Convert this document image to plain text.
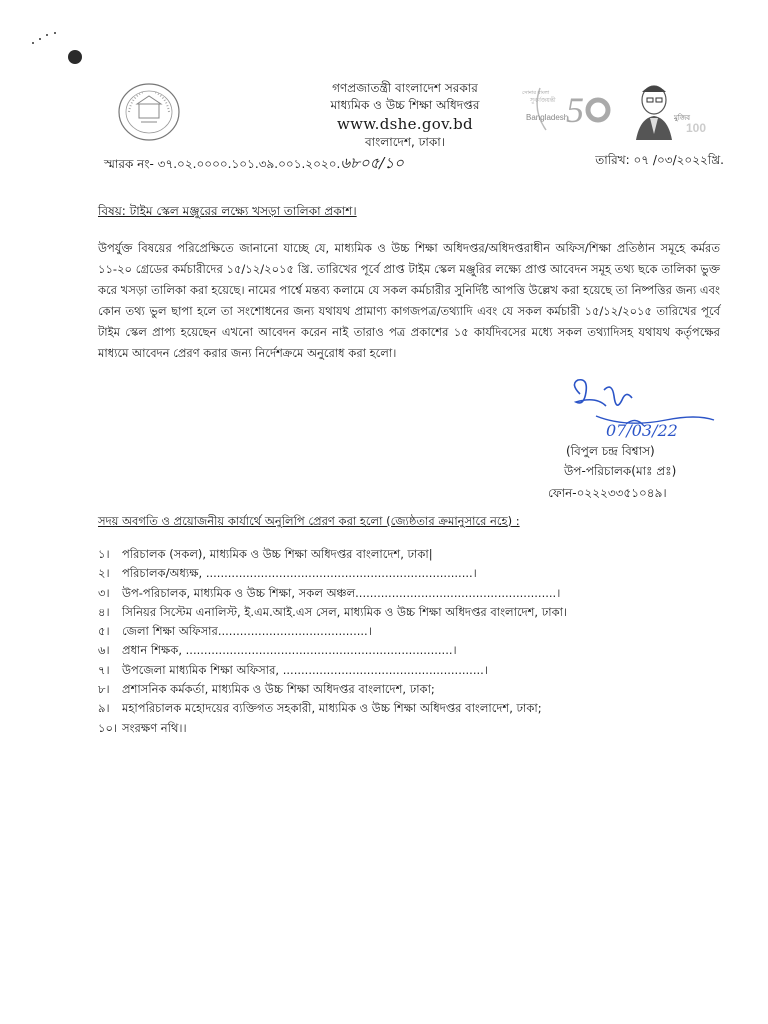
গণপ্রজাতন্ত্রী বাংলাদেশ সরকার
মাধ্যমিক ও উচ্চ শিক্ষা অধিদপ্তর
www.dshe.gov.bd
বাংলাদেশ, ঢাকা।
সোনার বাংলা
সুবর্ণজয়ন্তী
Bangladesh
5	মুজিব
100
স্মারক নং- ৩৭.০২.০০০০.১০১.৩৯.০০১.২০২০.৬৮০৫/১০	তারিখ: ০৭ /০৩/২০২২খ্রি.
বিষয়: টাইম স্কেল মঞ্জুরের লক্ষ্যে খসড়া তালিকা প্রকাশ।
উপর্যুক্ত বিষয়ের পরিপ্রেক্ষিতে জানানো যাচ্ছে যে, মাধ্যমিক ও উচ্চ শিক্ষা অধিদপ্তর/অধিদপ্তরাধীন অফিস/শিক্ষা প্রতিষ্ঠান সমূহে কর্মরত ১১-২০ গ্রেডের কর্মচারীদের ১৫/১২/২০১৫ খ্রি. তারিখের পূর্বে প্রাপ্ত টাইম স্কেল মঞ্জুরির লক্ষ্যে প্রাপ্ত আবেদন সমূহ তথ্য ছকে তালিকা ভুক্ত করে খসড়া তালিকা করা হয়েছে। নামের পার্শ্বে মন্তব্য কলামে যে সকল কর্মচারীর সুনির্দিষ্ট আপত্তি উল্লেখ করা হয়েছে তা নিষ্পত্তির জন্য এবং কোন তথ্য ভুল ছাপা হলে তা সংশোধনের জন্য যথাযথ প্রামাণ্য কাগজপত্র/তথ্যাদি এবং যে সকল কর্মচারী ১৫/১২/২০১৫ তারিখের পূর্বে টাইম স্কেল প্রাপ্য হয়েছেন এখনো আবেদন করেন নাই তারাও পত্র প্রকাশের ১৫ কার্যদিবসের মধ্যে সকল তথ্যাদিসহ যথাযথ কর্তৃপক্ষের মাধ্যমে আবেদন প্রেরণ করার জন্য নির্দেশক্রমে অনুরোধ করা হলো।
07/03/22
(বিপুল চন্দ্র বিশ্বাস)
উপ-পরিচালক(মাঃ প্রঃ)
ফোন-০২২২৩৩৫১০৪৯।
সদয় অবগতি ও প্রয়োজনীয় কার্যার্থে অনুলিপি প্রেরণ করা হলো (জ্যেষ্ঠতার ক্রমানুসারে নহে) :
১।	পরিচালক (সকল), মাধ্যমিক ও উচ্চ শিক্ষা অধিদপ্তর বাংলাদেশ, ঢাকা|
২।	পরিচালক/অধ্যক্ষ, .........................................................................।
৩।	উপ-পরিচালক, মাধ্যমিক ও উচ্চ শিক্ষা, সকল অঞ্চল.......................................................।
৪।	সিনিয়র সিস্টেম এনালিস্ট, ই.এম.আই.এস সেল, মাধ্যমিক ও উচ্চ শিক্ষা অধিদপ্তর বাংলাদেশ, ঢাকা।
৫।	জেলা শিক্ষা অফিসার.........................................।
৬।	প্রধান শিক্ষক, .........................................................................।
৭।	উপজেলা মাধ্যমিক শিক্ষা অফিসার, .......................................................।
৮।	প্রশাসনিক কর্মকর্তা, মাধ্যমিক ও উচ্চ শিক্ষা অধিদপ্তর বাংলাদেশ, ঢাকা;
৯।	মহাপরিচালক মহোদয়ের ব্যক্তিগত সহকারী, মাধ্যমিক ও উচ্চ শিক্ষা অধিদপ্তর বাংলাদেশ, ঢাকা;
১০। সংরক্ষণ নথি।।
